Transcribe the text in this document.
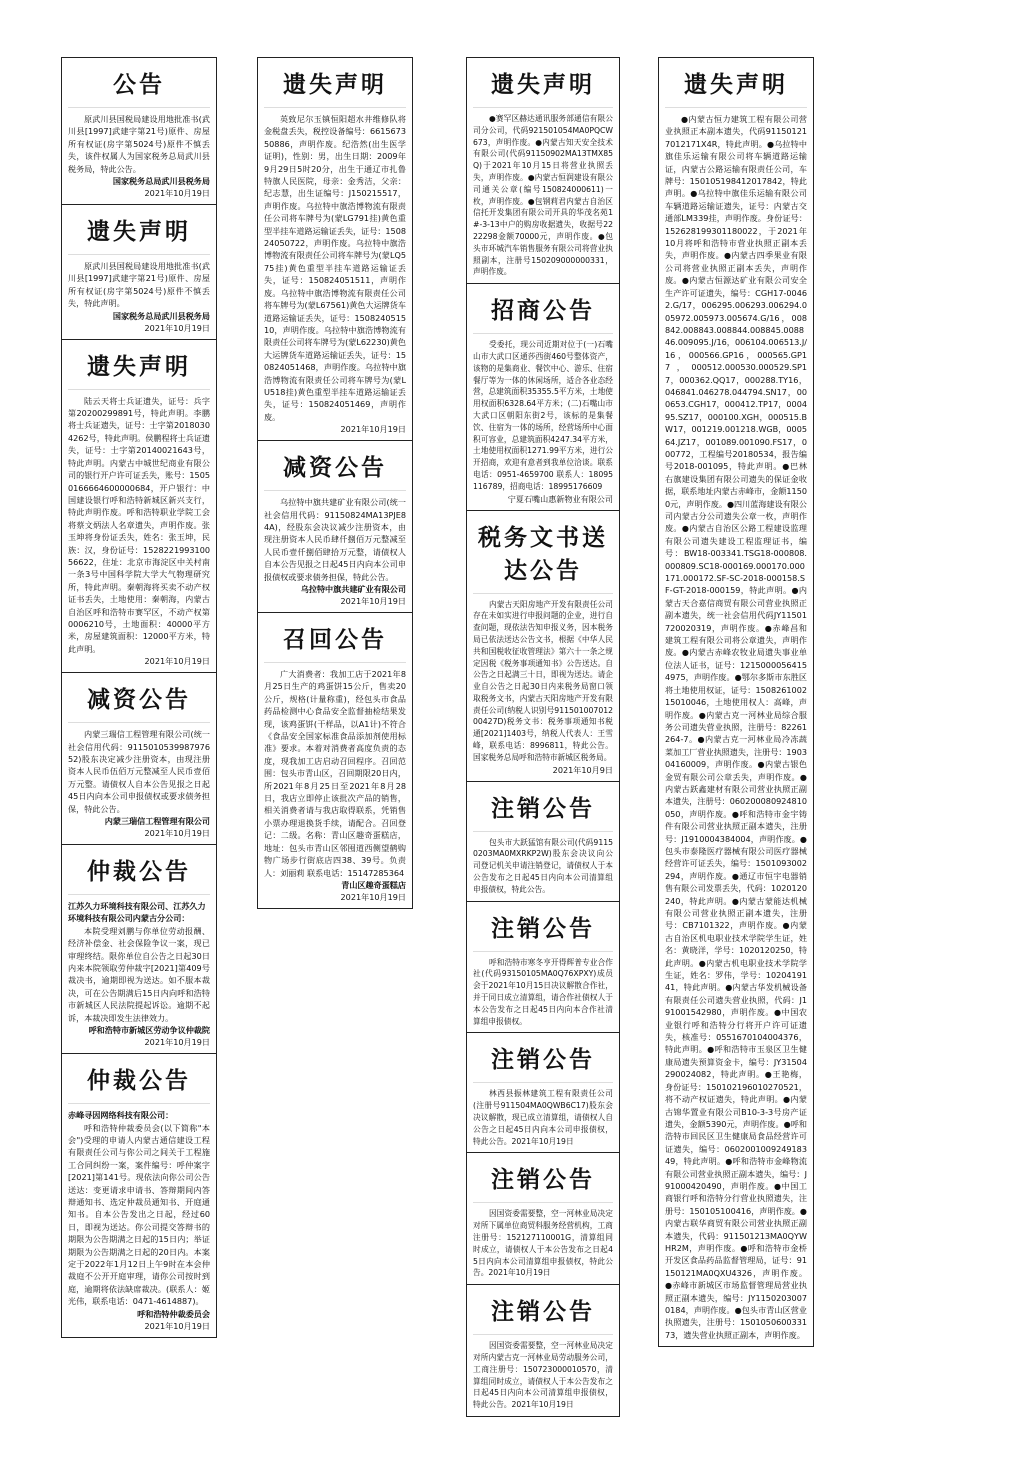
公告
原武川县国税局建设用地批准书(武川县[1997]武建字第21号)原件、房屋所有权证(房字第5024号)原件不慎丢失，该件权属人为国家税务总局武川县税务局，特此公告。
国家税务总局武川县税务局
2021年10月19日
遗失声明
原武川县国税局建设用地批准书(武川县[1997]武建字第21号)原件、房屋所有权证(房字第5024号)原件不慎丢失，特此声明。
国家税务总局武川县税务局
2021年10月19日
遗失声明
陆云天将士兵证遗失，证号：兵字第20200299891号，特此声明。李鹏将士兵证遗失，证号：士字第20180304262号，特此声明。侯鹏程将士兵证遗失，证号：士字第20140021643号，特此声明。内蒙古中城世纪商业有限公司的银行开户许可证丢失，账号：15050166664600000684，开户银行：中国建设银行呼和浩特新城区新兴支行，特此声明作废。呼和浩特职业学院工会将蔡文炳法人名章遗失，声明作废。张玉坤将身份证丢失，姓名：张玉坤，民族：汉，身份证号：152822199310056622，住址：北京市海淀区中关村南一条3号中国科学院大学大气物理研究所，特此声明。秦朝海将买卖不动产权证书丢失，土地使用：秦朝海，内蒙古自治区呼和浩特市赛罕区，不动产权第0006210号，土地面积：40000平方米，房屋建筑面积：12000平方米，特此声明。
2021年10月19日
减资公告
内蒙三瑞信工程管理有限公司(统一社会信用代码：911501053998797652)股东决定减少注册资本，由现注册资本人民币伍佰万元整减至人民币壹佰万元整。请债权人自本公告见报之日起45日内向本公司申报债权或要求债务担保，特此公告。
内蒙三瑞信工程管理有限公司
2021年10月19日
仲裁公告
江苏久力环境科技有限公司、江苏久力环境科技有限公司内蒙古分公司：
本院受理刘鹏与你单位劳动报酬、经济补偿金、社会保险争议一案，现已审理终结。限你单位自公告之日起30日内来本院领取劳仲裁字[2021]第409号裁决书，逾期即视为送达。如不服本裁决，可在公告期满后15日内向呼和浩特市新城区人民法院提起诉讼。逾期不起诉，本裁决即发生法律效力。
呼和浩特市新城区劳动争议仲裁院
2021年10月19日
仲裁公告
赤峰寻因网络科技有限公司：
呼和浩特仲裁委员会(以下简称"本会")受理的申请人内蒙古通信建设工程有限责任公司与你公司之间关于工程施工合同纠纷一案，案件编号：呼仲案字[2021]第141号。现依法向你公司公告送达：变更请求申请书、答辩期间内答辩通知书、选定仲裁员通知书、开庭通知书。自本公告发出之日起，经过60日，即视为送达。你公司提交答辩书的期限为公告期满之日起的15日内；举证期限为公告期满之日起的20日内。本案定于2022年1月12日上午9时在本会仲裁庭不公开开庭审理，请你公司按时到庭，逾期将依法缺席裁决。(联系人：姬光伟，联系电话：0471-4614887)。
呼和浩特仲裁委员会
2021年10月19日
遗失声明
英致尼尔玉镇恒阳超水井维修队将金税盘丢失，税控设备编号：661567350886，声明作废。纪浩然(出生医学证明)，性别：男，出生日期：2009年9月29日5时20分，出生于通辽市扎鲁特旗人民医院，母亲：金秀洁，父亲：纪志慧，出生证编号：J150215517，声明作废。乌拉特中旗浩博物流有限责任公司将车牌号为(蒙LG791挂)黄色重型半挂车道路运输证丢失，证号：150824050722，声明作废。乌拉特中旗浩博物流有限责任公司将车牌号为(蒙LQ575挂)黄色重型半挂车道路运输证丢失，证号：150824051511，声明作废。乌拉特中旗浩博物流有限责任公司将车牌号为(蒙L67561)黄色大运牌货车道路运输证丢失，证号：150824051510，声明作废。乌拉特中旗浩博物流有限责任公司将车牌号为(蒙L62230)黄色大运牌货车道路运输证丢失，证号：150824051468，声明作废。乌拉特中旗浩博物流有限责任公司将车牌号为(蒙LU518挂)黄色重型半挂车道路运输证丢失，证号：150824051469，声明作废。
2021年10月19日
减资公告
乌拉特中旗共建矿业有限公司(统一社会信用代码：91150824MA13PJE84A)，经股东会决议减少注册资本，由现注册资本人民币肆仟捌佰万元整减至人民币壹仟捌佰肆拾万元整，请债权人自本公告见报之日起45日内向本公司申报债权或要求债务担保，特此公告。
乌拉特中旗共建矿业有限公司
2021年10月19日
召回公告
广大消费者：我加工店于2021年8月25日生产的鸡蛋饼15公斤，售卖20公斤，规格(计量称重)，经包头市食品药品检测中心食品安全监督抽检结果发现，该鸡蛋饼(干样品，以A1计)不符合《食品安全国家标准食品添加剂使用标准》要求。本着对消费者高度负责的态度，现我加工店启动召回程序。召回范围：包头市青山区，召回期限20日内，所2021年8月25日至2021年8月28日，我店立即停止该批次产品的销售，相关消费者请与我店取得联系，凭销售小票办理退换货手续，请配合。召回登记：二级。名称：青山区趣奇蛋糕店，地址：包头市青山区邻囤道西侧望鹤购物广场步行街底店四38、39号。负责人：刘丽莉 联系电话：15147285364
青山区趣奇蛋糕店
2021年10月19日
遗失声明
●赛罕区赫达通讯服务部通信有限公司分公司，代码921501054MA0PQCW673，声明作废。●内蒙古知天安全技术有限公司(代码91150902MA13TMX85Q)于2021年10月15日将营业执照丢失，声明作废。●内蒙古恒润建设有限公司通关公章(编号150824000611)一枚，声明作废。●包钢莉君内蒙古自治区信托开发集团有限公司开具的华茂名苑1#-3-13中户的购房收据遗失，收据号2222298金额70000元，声明作废。●包头市环城汽车销售服务有限公司将营业执照副本，注册号150209000000331，声明作废。
招商公告
受委托，现公司近期对位于(一)石嘴山市大武口区通莎西街460号整体资产，该物的是集商业、餐饮中心、游乐、住宿餐厅等为一体的休闲场所，适合各业态经营，总建筑面积35355.5平方米，土地使用权面积6328.64平方米；(二)石嘴山市大武口区朝阳东街2号，该标的是集餐饮、住宿为一体的场所，经营场所中心面积可容业，总建筑面积4247.34平方米，土地使用权面积1271.99平方米，进行公开招商，欢迎有意者到我单位洽谈。联系电话：0951-4659700 联系人：18095116789，招商电话：18995176609
宁夏石嘴山惠新物业有限公司
税务文书送达公告
内蒙古天阳房地产开发有限责任公司存在未如实进行申报问题的企业，进行自查问题，现依法告知申报义务，因本税务局已依法送达公告文书，根据《中华人民共和国税收征收管理法》第六十一条之规定因税《税务事项通知书》公告送达。自公告之日起满三十日，即视为送达。请企业自公告之日起30日内来税务局窗口领取税务文书，内蒙古天阳房地产开发有限责任公司(纳税人识别号91150100701200427D)税务文书：税务事项通知书税通[2021]1403号，纳税人代表人：王雪峰，联系电话：8996811，特此公告。国家税务总局呼和浩特市新城区税务局。
2021年10月9日
注销公告
包头市大跃猛馆有限公司(代码91150203MA0MXRKP2W)股东会决议向公司登记机关申请注销登记，请债权人于本公告发布之日起45日内向本公司清算组申报债权，特此公告。
注销公告
呼和浩特市寒冬亨开得辉普专业合作社(代码93150105MA0Q76XPXY)成员会于2021年10月15日决议解散合作社，并于同日成立清算组，请合作社债权人于本公告发布之日起45日内向本合作社清算组申报债权。
注销公告
林西县振林建筑工程有限责任公司(注册号911504MA0QWB6C17)股东会决议解散，现已成立清算组，请债权人自公告之日起45日内向本公司申报债权，特此公告。2021年10月19日
注销公告
因国资委需要整，空一河林业局决定对所下属单位商贸科服务经营机构，工商注册号：152127110001G，清算组同时成立，请债权人于本公告发布之日起45日内向本公司清算组申报债权，特此公告。2021年10月19日
注销公告
因国资委需要整，空一河林业局决定对所内蒙古克一河林业局劳动服务公司，工商注册号：150723000010570，清算组同时成立，请债权人于本公告发布之日起45日内向本公司清算组申报债权，特此公告。2021年10月19日
遗失声明
●内蒙古恒力建筑工程有限公司营业执照正本副本遗失，代码911501217012171X4R，特此声明。●乌拉特中旗佳乐运输有限公司将车辆道路运输证，内蒙古公路运输有限责任公司，车牌号：150105198412017842，特此声明。●乌拉特中旗佳乐运输有限公司车辆道路运输证遗失，证号：内蒙古交通部LM339挂，声明作废。身份证号：152628199301180022，于2021年10月将呼和浩特市营业执照正副本丢失，声明作废。●内蒙古四季果业有限公司将营业执照正副本丢失，声明作废。●内蒙古恒源达矿业有限公司安全生产许可证遗失，编号：CGH17-00462.G/17，006295.006293.006294.005972.005973.005674.G/16，008842.008843.008844.008845.008846.009095.J/16，006104.006513.J/16，000566.GP16，000565.GP17，000512.000530.000529.SP17，000362.QQ17，000288.TY16，046841.046278.044794.SN17，000653.CGH17，000412.TP17，000495.SZ17，000100.XGH，000515.BW17，001219.001218.WGB，000564.JZ17，001089.001090.FS17，000772，工程编号20180534，报告编号2018-001095，特此声明。●巴林右旗建设集团有限公司遗失的保证金收据，联系地址内蒙古赤峰市，金额11500元，声明作废。●四川蓝海建设有限公司内蒙古分公司遗失公章一枚，声明作废。●内蒙古自治区公路工程建设监理有限公司遗失建设工程监理证书，编号：BW18-003341.TSG18-000808.000809.SC18-000169.000170.000171.000172.SF-SC-2018-000158.SF-GT-2018-000159，特此声明。●内蒙古天合嘉信商贸有限公司营业执照正副本遗失，统一社会信用代码JY11501720020319，声明作废。●赤峰昌和建筑工程有限公司将公章遗失，声明作废。●内蒙古赤峰农牧业局遗失事业单位法人证书，证号：12150000564154975，声明作废。●鄂尔多斯市东胜区将土地使用权证，证号：150826100215010046，土地使用权人：高峰，声明作废。●内蒙古克一河林业局综合服务公司遗失营业执照，注册号：82261264-7。●内蒙古克一河林业局冷冻蔬菜加工厂营业执照遗失，注册号：190304160009，声明作废。●内蒙古银色金贸有限公司公章丢失，声明作废。●内蒙古跃鑫建材有限公司营业执照正副本遗失，注册号：060200080924810050，声明作废。●呼和浩特市金宇铸件有限公司营业执照正副本遗失，注册号：J1910004384004，声明作废。●包头市泰隆医疗器械有限公司医疗器械经营许可证丢失，编号：1501093002294，声明作废。●通辽市恒宇电器销售有限公司发票丢失，代码：1020120240，特此声明。●内蒙古蒙能达机械有限公司营业执照正副本遗失，注册号：CB7101322，声明作废。●内蒙古自治区机电职业技术学院学生证，姓名：黄晓洋，学号：1020120250，特此声明。●内蒙古机电职业技术学院学生证，姓名：罗伟，学号：1020419141，特此声明。●内蒙古华发机械设备有限责任公司遗失营业执照，代码：J191001542980，声明作废。●中国农业银行呼和浩特分行将开户许可证遗失，核准号：0551670104004376，特此声明。●呼和浩特市玉泉区卫生健康局遗失预算资金卡，编号：JY31504290024082，特此声明。●王艳梅，身份证号：150102196010270521，将不动产权证遗失，特此声明。●内蒙古锦华置业有限公司B10-3-3号房产证遗失，金额5390元，声明作废。●呼和浩特市回民区卫生健康局食品经营许可证遗失，编号：060200100924918349，特此声明。●呼和浩特市金峰物流有限公司营业执照正副本遗失，编号：J91000420490，声明作废。●中国工商银行呼和浩特分行营业执照遗失，注册号：150105100416，声明作废。●内蒙古联华商贸有限公司营业执照正副本遗失，代码：911501213MA0QYWHR2M，声明作废。●呼和浩特市金桥开发区食品药品监督管理局，证号：91150121MA0QXU4326，声明作废。●赤峰市新城区市场监督管理局营业执照正副本遗失，编号：JY11502030070184，声明作废。●包头市青山区营业执照遗失，注册号：150105060033173，遗失营业执照正副本，声明作废。
